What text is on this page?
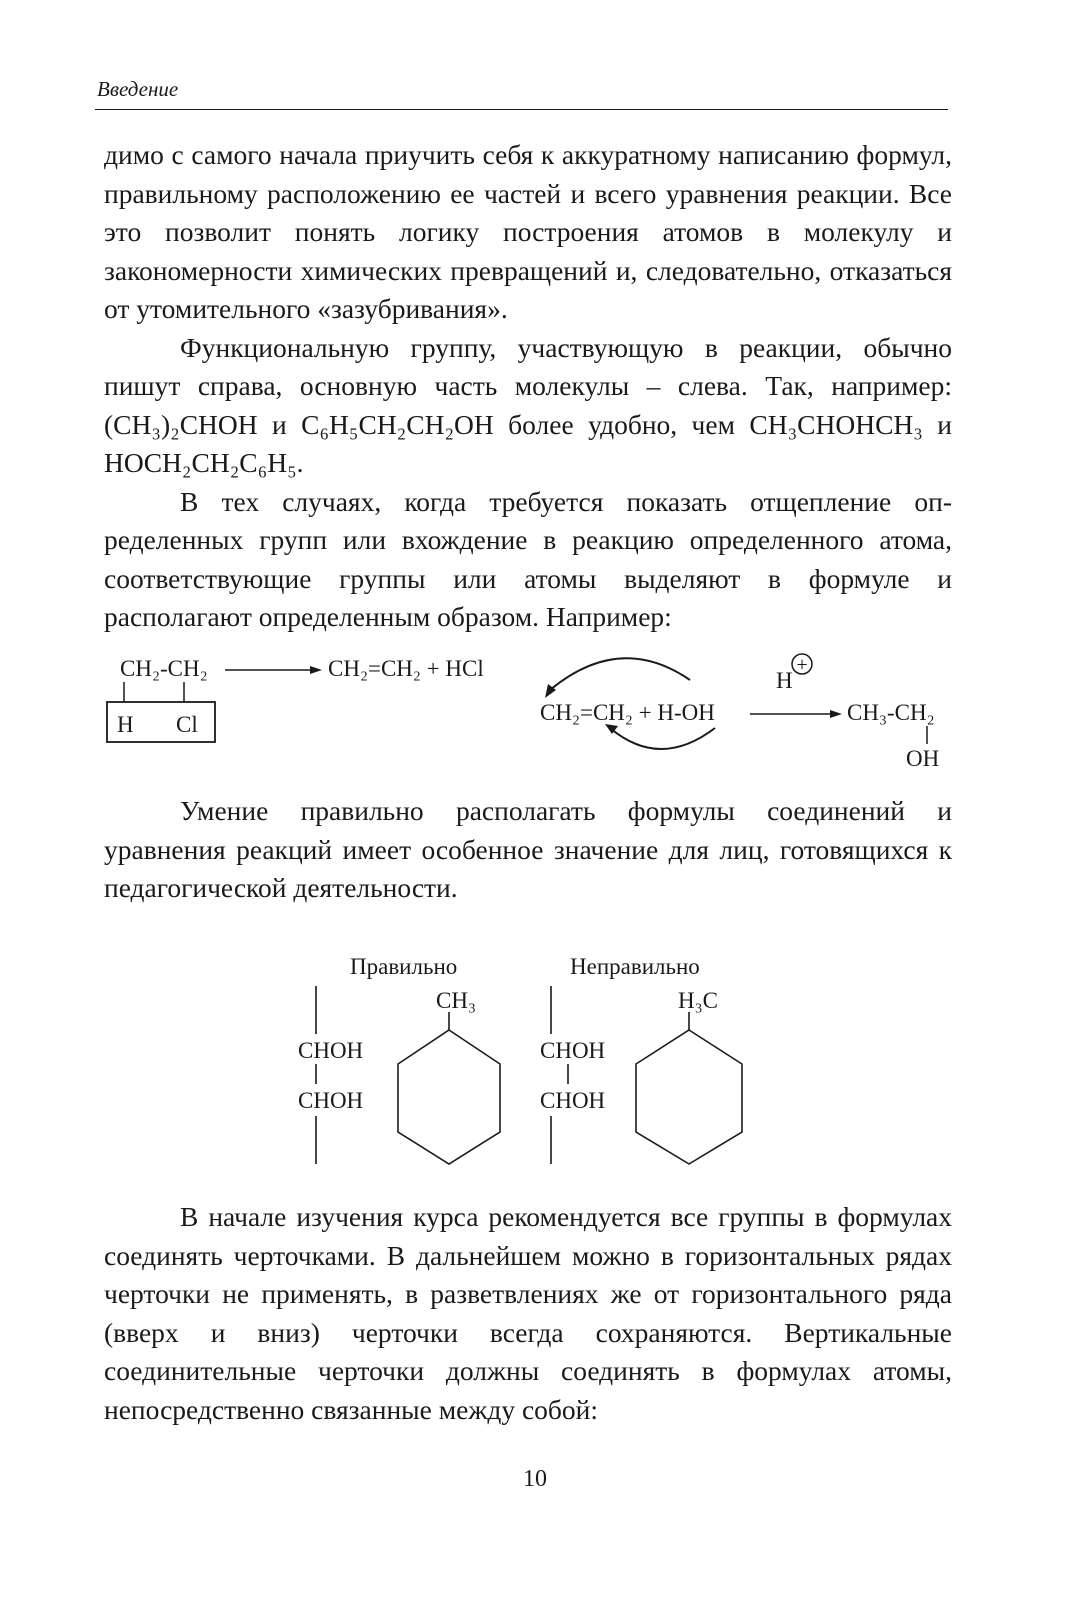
Введение

димо с самого начала приучить себя к аккуратному написанию формул, правильному расположению ее частей и всего уравнения реакции. Все это позволит понять логику построения атомов в молекулу и закономерности химических превращений и, следовательно, отказаться от утомительного «зазубривания».

Функциональную группу, участвующую в реакции, обычно пишут справа, основную часть молекулы – слева. Так, например: (CH₃)₂CHOH и C₆H₅CH₂CH₂OH более удобно, чем CH₃CHOHCH₃ и HOCH₂CH₂C₆H₅.

В тех случаях, когда требуется показать отщепление определенных групп или вхождение в реакцию определенного атома, соответствующие группы или атомы выделяют в формуле и располагают определенным образом. Например:

CH₂-CH₂
H Cl
CH₂=CH₂ + HCl
CH₂=CH₂ + H-OH
H
+
CH₃-CH₂
OH

Умение правильно располагать формулы соединений и уравнения реакций имеет особенное значение для лиц, готовящихся к педагогической деятельности.

Правильно	Неправильно
CHOH
CHOH
CH₃
CHOH
CHOH
H₃C

В начале изучения курса рекомендуется все группы в формулах соединять черточками. В дальнейшем можно в горизонтальных рядах черточки не применять, в разветвлениях же от горизонтального ряда (вверх и вниз) черточки всегда сохраняются. Вертикальные соединительные черточки должны соединять в формулах атомы, непосредственно связанные между собой:

10
